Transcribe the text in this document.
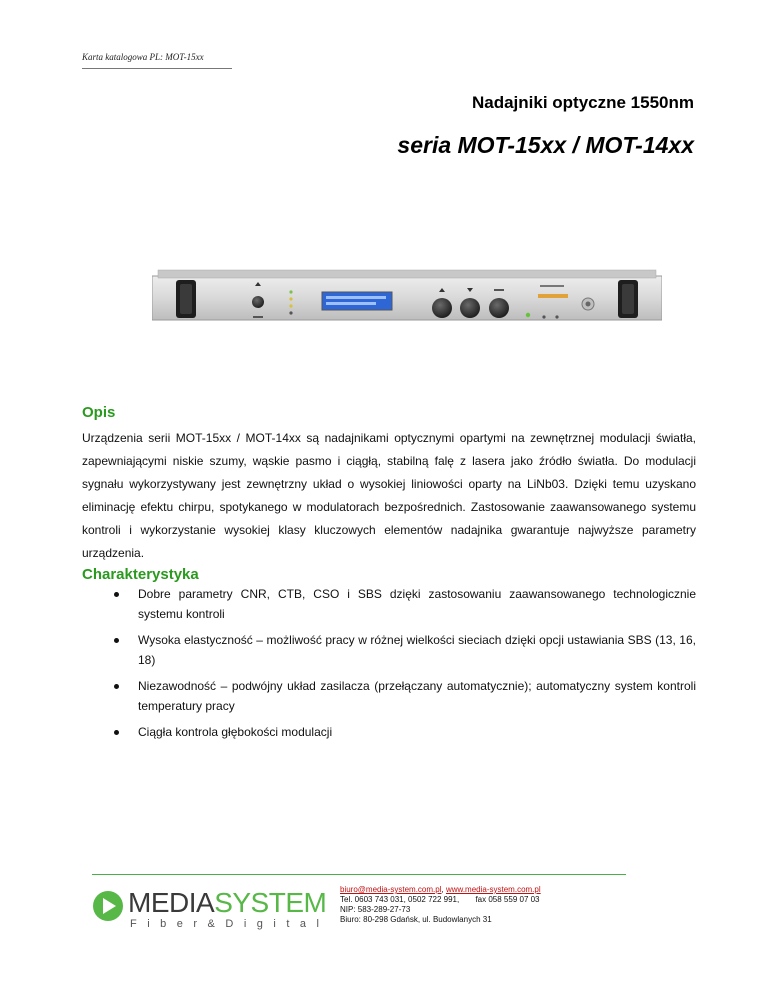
Karta katalogowa PL: MOT-15xx
Nadajniki optyczne 1550nm
seria MOT-15xx / MOT-14xx
Opis

Urządzenia serii MOT-15xx / MOT-14xx są nadajnikami optycznymi opartymi na zewnętrznej modulacji światła, zapewniającymi niskie szumy, wąskie pasmo i ciągłą, stabilną falę z lasera jako źródło światła. Do modulacji sygnału wykorzystywany jest zewnętrzny układ o wysokiej liniowości oparty na LiNb03. Dzięki temu uzyskano eliminację efektu chirpu, spotykanego w modulatorach bezpośrednich. Zastosowanie zaawansowanego systemu kontroli i wykorzystanie wysokiej klasy kluczowych elementów nadajnika gwarantuje najwyższe parametry urządzenia.

Charakterystyka
Dobre parametry CNR, CTB, CSO i SBS dzięki zastosowaniu zaawansowanego technologicznie systemu kontroli
Wysoka elastyczność – możliwość pracy w różnej wielkości sieciach dzięki opcji ustawiania SBS (13, 16, 18)
Niezawodność – podwójny układ zasilacza (przełączany automatycznie); automatyczny system kontroli temperatury pracy
Ciągła kontrola głębokości modulacji
MEDIASYSTEM
Fiber&Digital
biuro@media-system.com.pl, www.media-system.com.pl
Tel. 0603 743 031, 0502 722 991, fax 058 559 07 03
NIP: 583-289-27-73
Biuro: 80-298 Gdańsk, ul. Budowlanych 31
